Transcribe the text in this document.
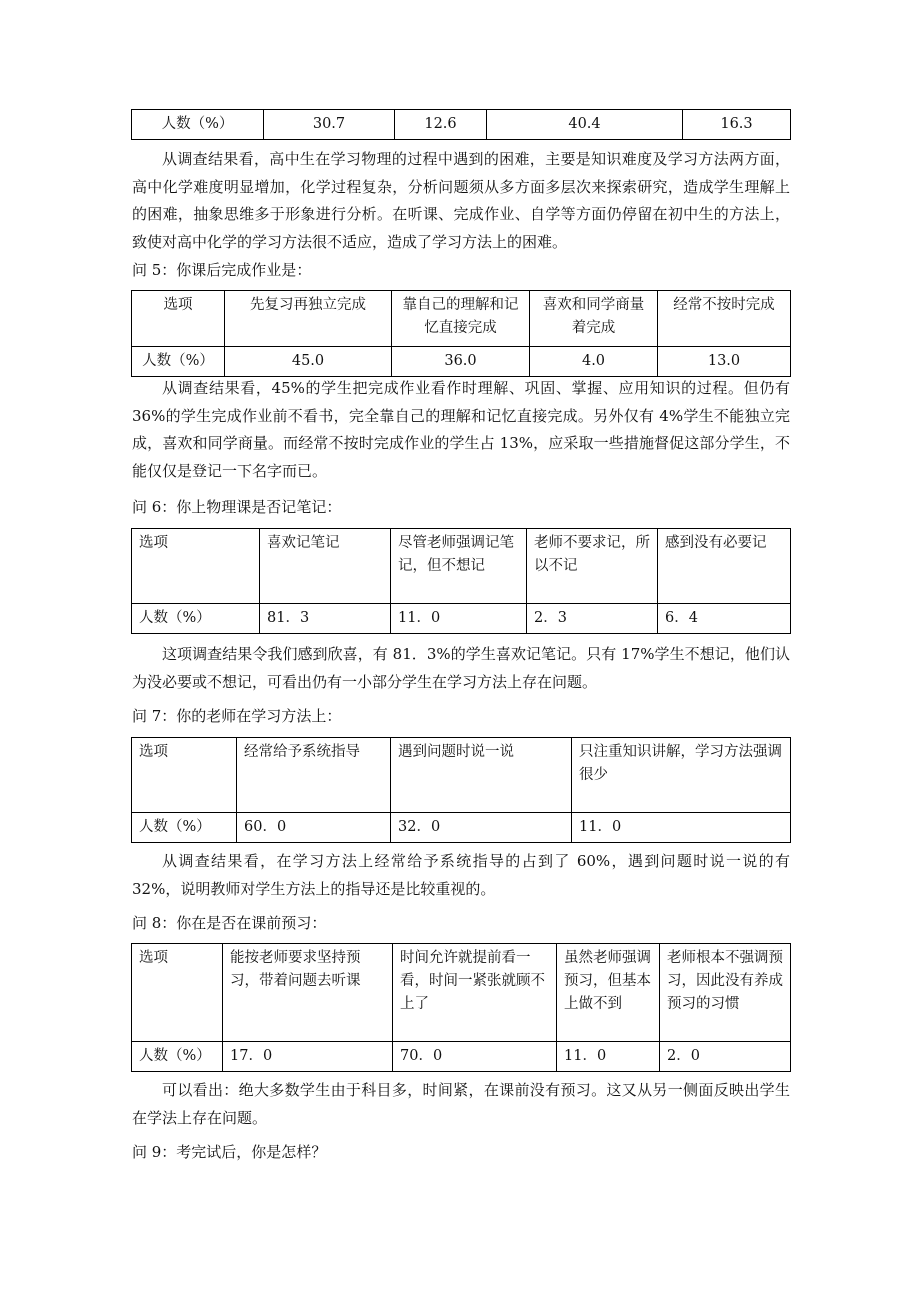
人数（%）	30.7	12.6	40.4	16.3

从调查结果看，高中生在学习物理的过程中遇到的困难，主要是知识难度及学习方法两方面，高中化学难度明显增加，化学过程复杂，分析问题须从多方面多层次来探索研究，造成学生理解上的困难，抽象思维多于形象进行分析。在听课、完成作业、自学等方面仍停留在初中生的方法上，致使对高中化学的学习方法很不适应，造成了学习方法上的困难。

问 5：你课后完成作业是：

选项	先复习再独立完成	靠自己的理解和记忆直接完成	喜欢和同学商量着完成	经常不按时完成
人数（%）	45.0	36.0	4.0	13.0

从调查结果看，45%的学生把完成作业看作时理解、巩固、掌握、应用知识的过程。但仍有 36%的学生完成作业前不看书，完全靠自己的理解和记忆直接完成。另外仅有 4%学生不能独立完成，喜欢和同学商量。而经常不按时完成作业的学生占 13%，应采取一些措施督促这部分学生，不能仅仅是登记一下名字而已。

问 6：你上物理课是否记笔记：

选项	喜欢记笔记	尽管老师强调记笔记，但不想记	老师不要求记，所以不记	感到没有必要记
人数（%）	81．3	11．0	2．3	6．4

这项调查结果令我们感到欣喜，有 81．3%的学生喜欢记笔记。只有 17%学生不想记，他们认为没必要或不想记，可看出仍有一小部分学生在学习方法上存在问题。

问 7：你的老师在学习方法上：

选项	经常给予系统指导	遇到问题时说一说	只注重知识讲解，学习方法强调很少
人数（%）	60．0	32．0	11．0

从调查结果看，在学习方法上经常给予系统指导的占到了 60%，遇到问题时说一说的有 32%，说明教师对学生方法上的指导还是比较重视的。

问 8：你在是否在课前预习：

选项	能按老师要求坚持预习，带着问题去听课	时间允许就提前看一看，时间一紧张就顾不上了	虽然老师强调预习，但基本上做不到	老师根本不强调预习，因此没有养成预习的习惯
人数（%）	17．0	70．0	11．0	2．0

可以看出：绝大多数学生由于科目多，时间紧，在课前没有预习。这又从另一侧面反映出学生在学法上存在问题。

问 9：考完试后，你是怎样？
